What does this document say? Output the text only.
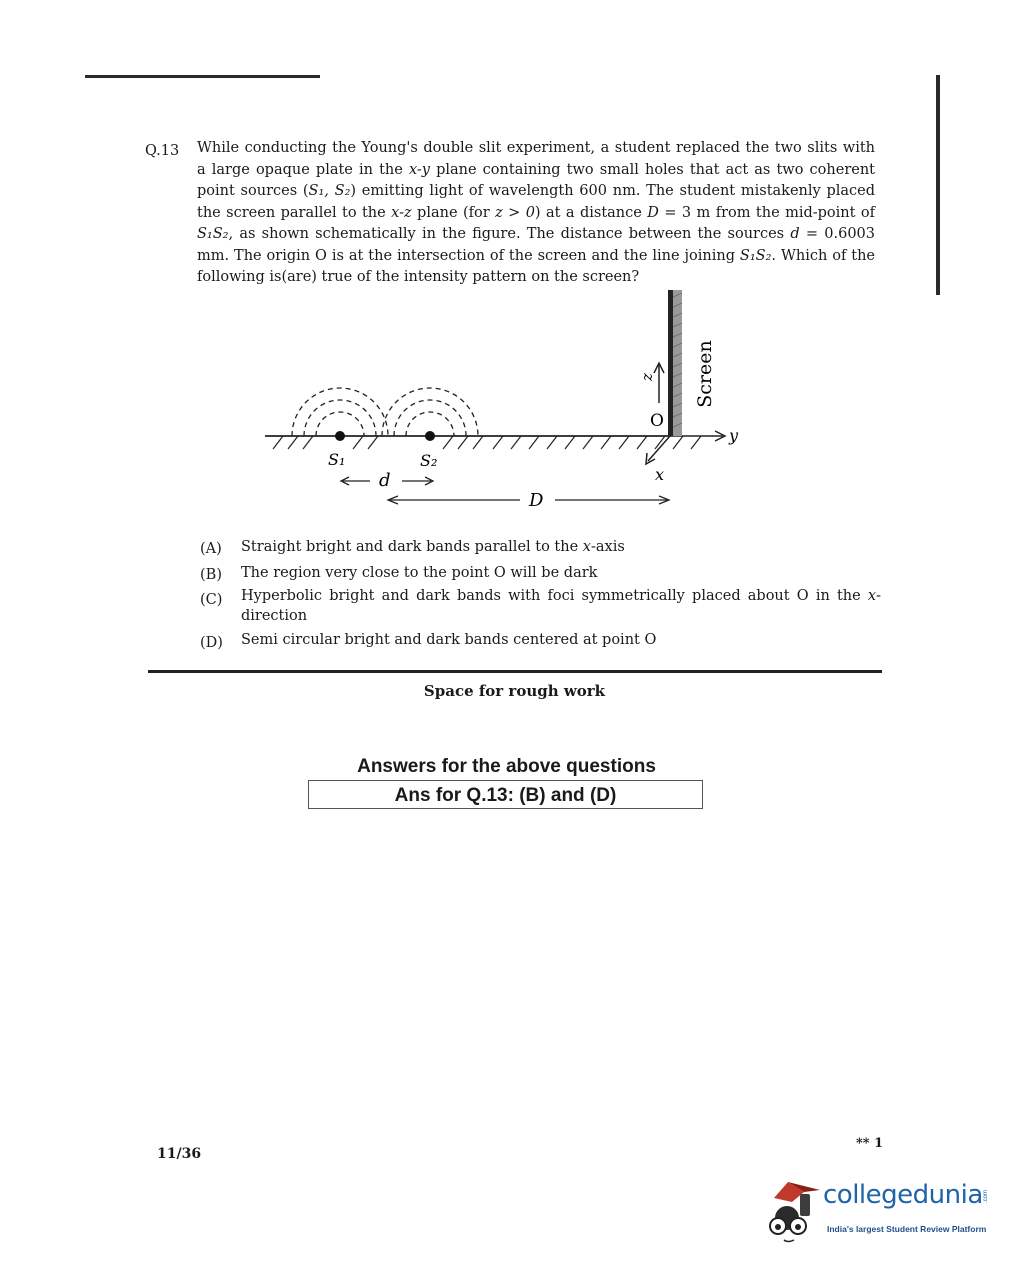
Q.13 While conducting the Young's double slit experiment, a student replaced the two slits with a large opaque plate in the x-y plane containing two small holes that act as two coherent point sources (S₁, S₂) emitting light of wavelength 600 nm. The student mistakenly placed the screen parallel to the x-z plane (for z > 0) at a distance D = 3 m from the mid-point of S₁S₂, as shown schematically in the figure. The distance between the sources d = 0.6003 mm. The origin O is at the intersection of the screen and the line joining S₁S₂. Which of the following is(are) true of the intensity pattern on the screen?
Screen
z
O
y
x
S₁	S₂
d
D
(A) Straight bright and dark bands parallel to the x-axis
(B) The region very close to the point O will be dark
(C) Hyperbolic bright and dark bands with foci symmetrically placed about O in the x-direction
(D) Semi circular bright and dark bands centered at point O
Space for rough work
Answers for the above questions
Ans for Q.13: (B) and (D)
11/36
** 1
collegedunia .com
India's largest Student Review Platform
